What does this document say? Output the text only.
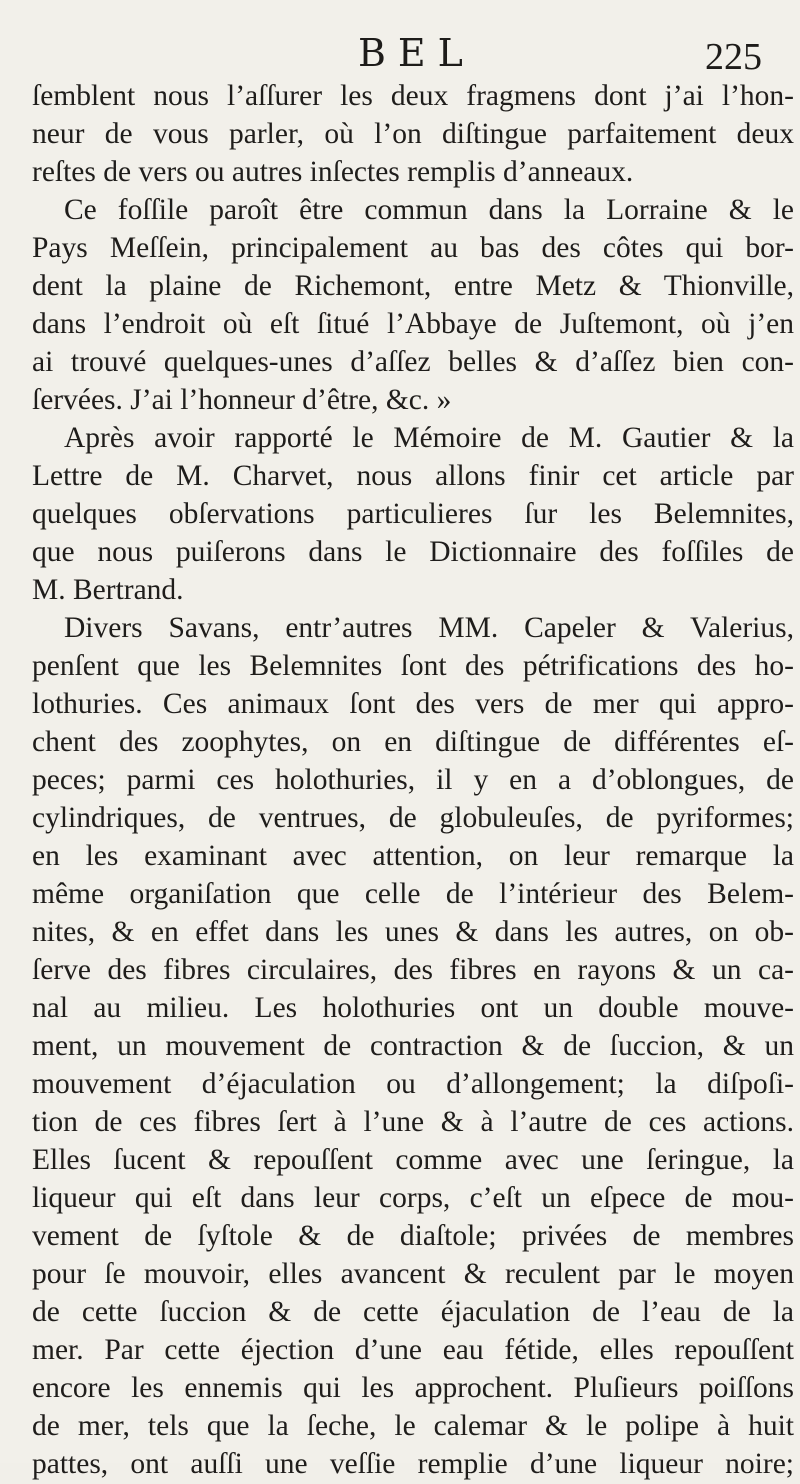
BEL	225
ſemblent nous l’aſſurer les deux fragmens dont j’ai l’hon-
neur de vous parler, où l’on diſtingue parfaitement deux
reſtes de vers ou autres inſectes remplis d’anneaux.
Ce foſſile paroît être commun dans la Lorraine & le
Pays Meſſein, principalement au bas des côtes qui bor-
dent la plaine de Richemont, entre Metz & Thionville,
dans l’endroit où eſt ſitué l’Abbaye de Juſtemont, où j’en
ai trouvé quelques-unes d’aſſez belles & d’aſſez bien con-
ſervées. J’ai l’honneur d’être, &c. »
Après avoir rapporté le Mémoire de M. Gautier & la
Lettre de M. Charvet, nous allons finir cet article par
quelques obſervations particulieres ſur les Belemnites,
que nous puiſerons dans le Dictionnaire des foſſiles de
M. Bertrand.
Divers Savans, entr’autres MM. Capeler & Valerius,
penſent que les Belemnites ſont des pétrifications des ho-
lothuries. Ces animaux ſont des vers de mer qui appro-
chent des zoophytes, on en diſtingue de différentes eſ-
peces; parmi ces holothuries, il y en a d’oblongues, de
cylindriques, de ventrues, de globuleuſes, de pyriformes;
en les examinant avec attention, on leur remarque la
même organiſation que celle de l’intérieur des Belem-
nites, & en effet dans les unes & dans les autres, on ob-
ſerve des fibres circulaires, des fibres en rayons & un ca-
nal au milieu. Les holothuries ont un double mouve-
ment, un mouvement de contraction & de ſuccion, & un
mouvement d’éjaculation ou d’allongement; la diſpoſi-
tion de ces fibres ſert à l’une & à l’autre de ces actions.
Elles ſucent & repouſſent comme avec une ſeringue, la
liqueur qui eſt dans leur corps, c’eſt un eſpece de mou-
vement de ſyſtole & de diaſtole; privées de membres
pour ſe mouvoir, elles avancent & reculent par le moyen
de cette ſuccion & de cette éjaculation de l’eau de la
mer. Par cette éjection d’une eau fétide, elles repouſſent
encore les ennemis qui les approchent. Pluſieurs poiſſons
de mer, tels que la ſeche, le calemar & le polipe à huit
pattes, ont auſſi une veſſie remplie d’une liqueur noire;
